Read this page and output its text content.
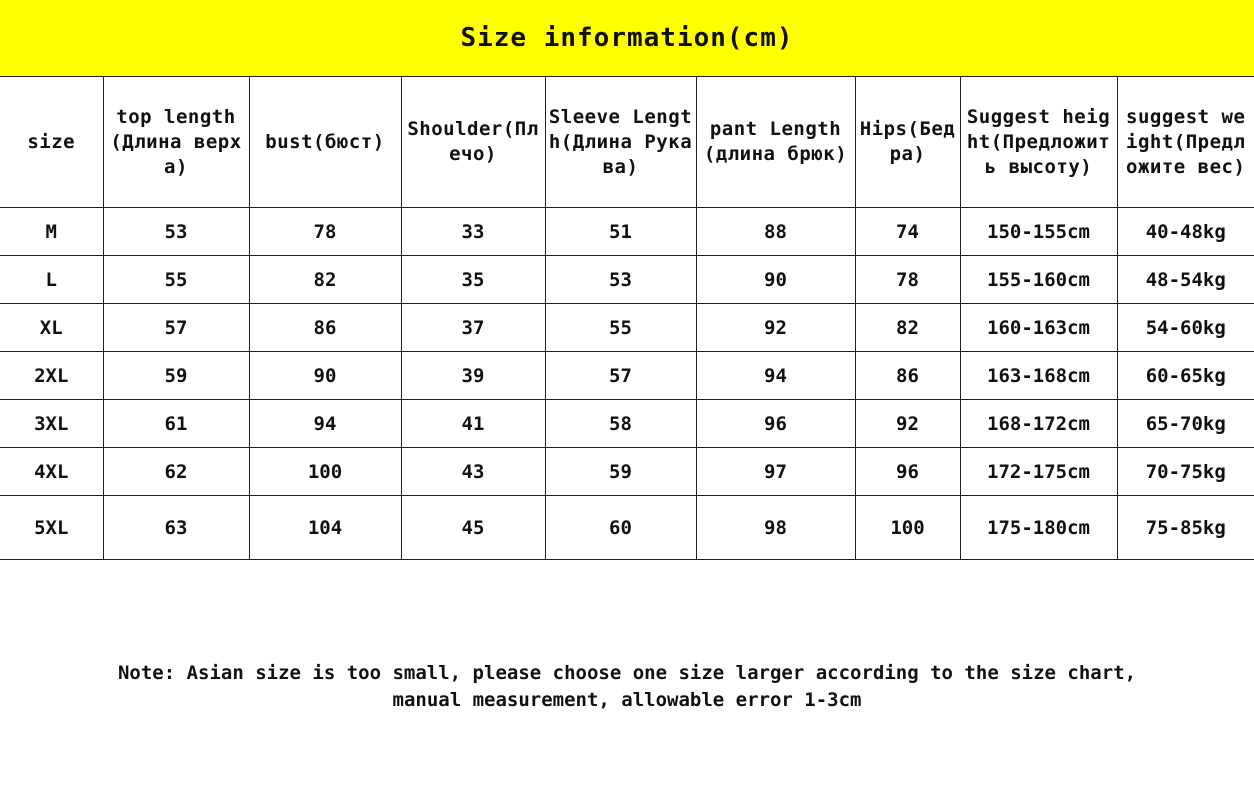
Size information(cm)
size	top length(Длина верха)	bust(бюст)	Shoulder(Плечо)	Sleeve Length(Длина Рукава)	pant Length(длина брюк)	Hips(Бедра)	Suggest height(Предложить высоту)	suggest weight(Предложите вес)
M	53	78	33	51	88	74	150-155cm	40-48kg
L	55	82	35	53	90	78	155-160cm	48-54kg
XL	57	86	37	55	92	82	160-163cm	54-60kg
2XL	59	90	39	57	94	86	163-168cm	60-65kg
3XL	61	94	41	58	96	92	168-172cm	65-70kg
4XL	62	100	43	59	97	96	172-175cm	70-75kg
5XL	63	104	45	60	98	100	175-180cm	75-85kg
Note: Asian size is too small, please choose one size larger according to the size chart,
manual measurement, allowable error 1-3cm
